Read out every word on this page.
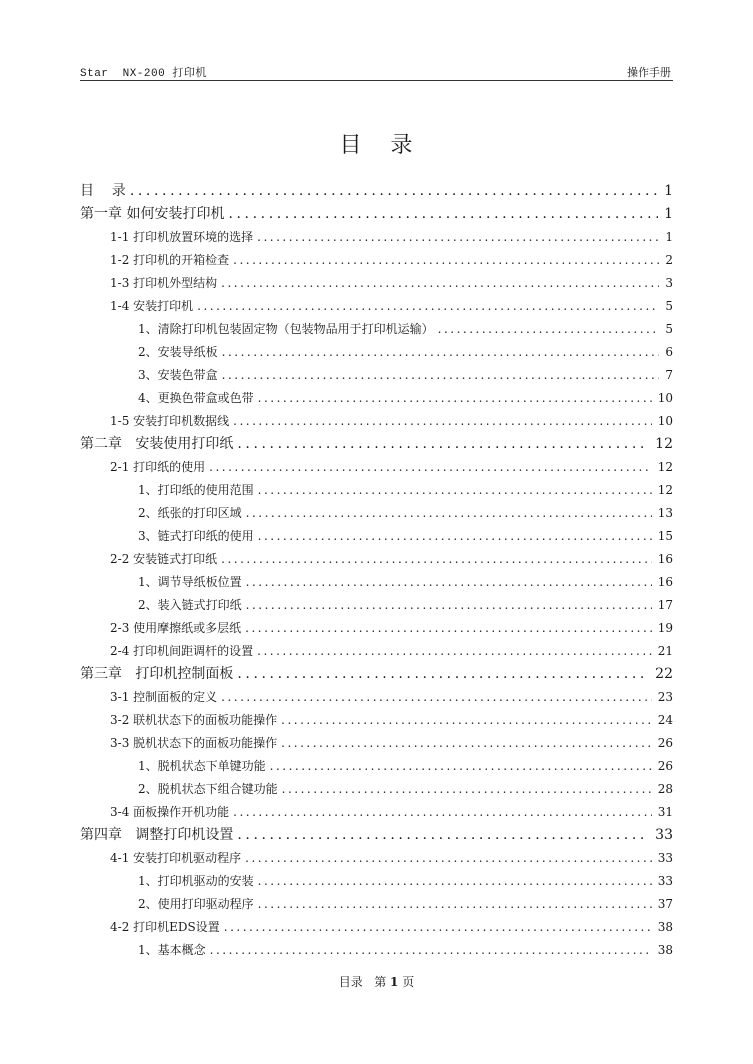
Star  NX-200 打印机	操作手册
目 录
目    录 .....	1
第一章 如何安装打印机 .....	1
1-1 打印机放置环境的选择 .....	1
1-2 打印机的开箱检查 .....	2
1-3 打印机外型结构 .....	3
1-4 安装打印机 .....	5
1、清除打印机包装固定物（包装物品用于打印机运输） .....	5
2、安装导纸板 .....	6
3、安装色带盒 .....	7
4、更换色带盒或色带 .....	10
1-5 安装打印机数据线 .....	10
第二章   安装使用打印纸 .....	12
2-1 打印纸的使用 .....	12
1、打印纸的使用范围 .....	12
2、纸张的打印区域 .....	13
3、链式打印纸的使用 .....	15
2-2 安装链式打印纸 .....	16
1、调节导纸板位置 .....	16
2、装入链式打印纸 .....	17
2-3 使用摩擦纸或多层纸 .....	19
2-4 打印机间距调杆的设置 .....	21
第三章   打印机控制面板 .....	22
3-1 控制面板的定义 .....	23
3-2 联机状态下的面板功能操作 .....	24
3-3 脱机状态下的面板功能操作 .....	26
1、脱机状态下单键功能 .....	26
2、脱机状态下组合键功能 .....	28
3-4 面板操作开机功能 .....	31
第四章   调整打印机设置 .....	33
4-1 安装打印机驱动程序 .....	33
1、打印机驱动的安装 .....	33
2、使用打印驱动程序 .....	37
4-2 打印机EDS设置 .....	38
1、基本概念 .....	38
目录   第 1 页
